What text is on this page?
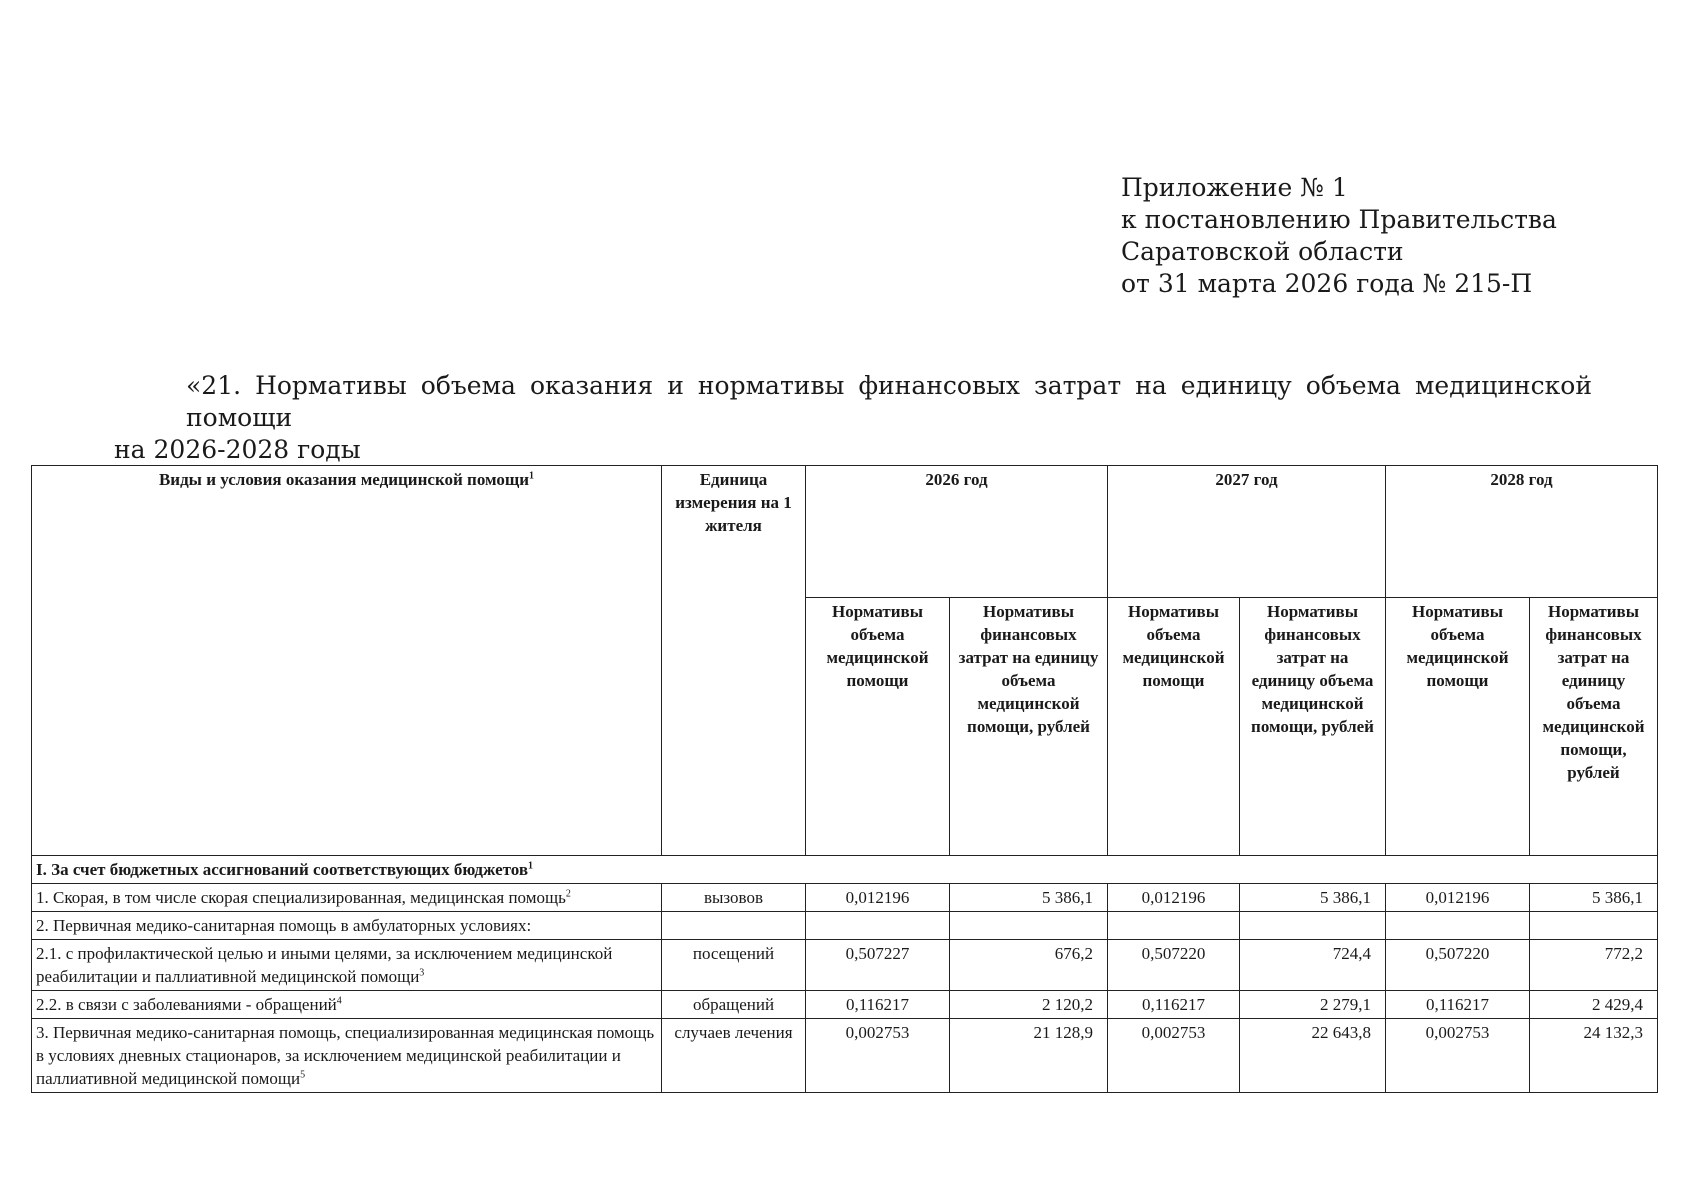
Приложение № 1
к постановлению Правительства
Саратовской области
от 31 марта 2026 года № 215-П
«21. Нормативы объема оказания и нормативы финансовых затрат на единицу объема медицинской помощи
на 2026-2028 годы
Виды и условия оказания медицинской помощи$^1$	Единица измерения на 1 жителя	2026 год		2027 год		2028 год	
		Нормативы объема медицинской помощи	Нормативы финансовых затрат на единицу объема медицинской помощи, рублей	Нормативы объема медицинской помощи	Нормативы финансовых затрат на единицу объема медицинской помощи, рублей	Нормативы объема медицинской помощи	Нормативы финансовых затрат на единицу объема медицинской помощи, рублей
I. За счет бюджетных ассигнований соответствующих бюджетов$^1$
1. Скорая, в том числе скорая специализированная, медицинская помощь$^2$	вызовов	0,012196	5 386,1	0,012196	5 386,1	0,012196	5 386,1
2. Первичная медико-санитарная помощь в амбулаторных условиях:							
2.1. с профилактической целью и иными целями, за исключением медицинской реабилитации и паллиативной медицинской помощи$^3$	посещений	0,507227	676,2	0,507220	724,4	0,507220	772,2
2.2. в связи с заболеваниями - обращений$^4$	обращений	0,116217	2 120,2	0,116217	2 279,1	0,116217	2 429,4
3. Первичная медико-санитарная помощь, специализированная медицинская помощь в условиях дневных стационаров, за исключением медицинской реабилитации и паллиативной медицинской помощи$^5$	случаев лечения	0,002753	21 128,9	0,002753	22 643,8	0,002753	24 132,3
